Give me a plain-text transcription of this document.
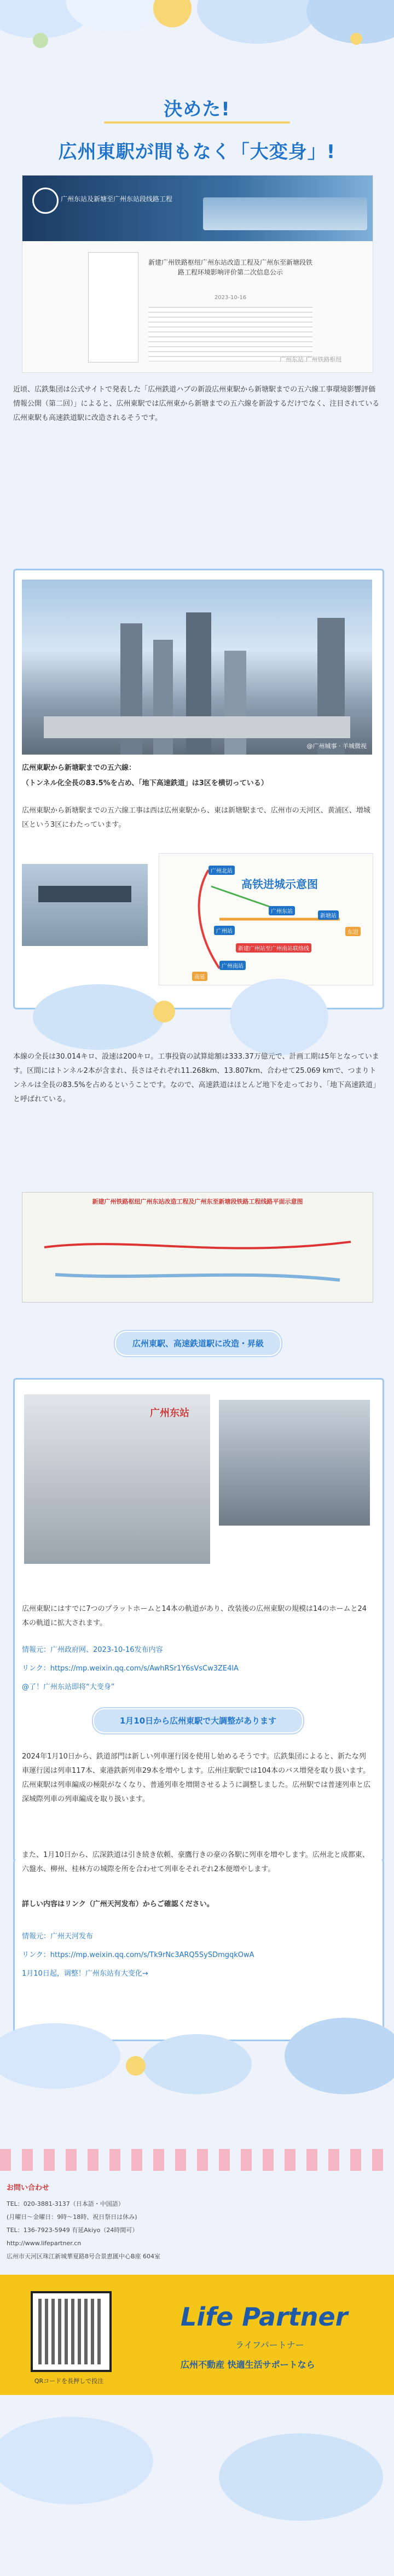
決めた!
広州東駅が間もなく「大変身」!
广州东站及新塘至广州东站段线路工程
新建广州铁路枢纽广州东站改造工程及广州东至新塘段铁路工程环境影响评价第二次信息公示
2023-10-16
广州东站 广州铁路枢纽
近頃、広鉄集団は公式サイトで発表した「広州鉄道ハブの新設広州東駅から新塘駅までの五六線工事環境影響評価情報公開（第二回）」によると、広州東駅では広州東から新塘までの五六線を新設するだけでなく、注目されている広州東駅も高速鉄道駅に改造されるそうです。
@广州城事 · 羊城微视
広州東駅から新塘駅までの五六線：
（トンネル化全長の83.5%を占め、「地下高速鉄道」は3区を横切っている）
広州東駅から新塘駅までの五六線工事は西は広州東駅から、東は新塘駅まで、広州市の天河区、黄浦区、増城区という3区にわたっています。
高铁进城示意图
广州北站
广州东站
广州南站
新塘站
广州站	东进
南延
新建广州站至广州南站联络线
本線の全長は30.014キロ、設速は200キロ。工事投資の試算総額は333.37万億元で、計画工期は5年となっています。区間にはトンネル2本が含まれ、長さはそれぞれ11.268km、13.807km、合わせて25.069 kmで、つまりトンネルは全長の83.5%を占めるということです。なので、高速鉄道はほとんど地下を走っており、「地下高速鉄道」と呼ばれている。
新建广州铁路枢纽广州东站改造工程及广州东至新塘段铁路工程线路平面示意图
広州東駅、高速鉄道駅に改造・昇級
广州东站
広州東駅にはすでに7つのプラットホームと14本の軌道があり、改装後の広州東駅の規模は14のホームと24本の軌道に拡大されます。
情報元：广州政府网、2023-10-16发布内容
リンク：https://mp.weixin.qq.com/s/AwhRSr1Y6sVsCw3ZE4lA
@了！广州东站即将“大变身”
1月10日から広州東駅で大調整があります
2024年1月10日から、鉄道部門は新しい列車運行図を使用し始めるそうです。広鉄集団によると、新たな列車運行図は列車117本、東港鉄新列車29本を増やします。広州庄駅駅では104本のバス増発を取り扱います。広州東駅は列車編成の極限がなくなり、普通列車を増開させるように調整しました。広州駅では普速列車と広深城際列車の列車編成を取り扱います。
また、1月10日から、広深鉄道は引き続き依頼、豪鷹行きの豪の各駅に列車を増やします。広州北と成都東、六盤水、柳州、桂林方の城際を所を合わせて列車をそれぞれ2本便増やします。
詳しい内容はリンク（广州天河发布）からご確認ください。
情報元：广州天河发布
リンク：https://mp.weixin.qq.com/s/Tk9rNc3ARQ5SySDmgqkOwA
1月10日起，调整！广州东站有大变化→
お問い合わせ
TEL：020-3881-3137（日本語・中国語）
(月曜日～金曜日：9時～18時、祝日祭日は休み)
TEL：136-7923-5949 有延Akiyo（24時間可）
http://www.lifepartner.cn
広州市天河区珠江新城華夏路8号合景恵匯中心B座 604室
QRコードを長押しで投注
Life Partner
ライフパートナー
広州不動産 快適生活サポートなら
